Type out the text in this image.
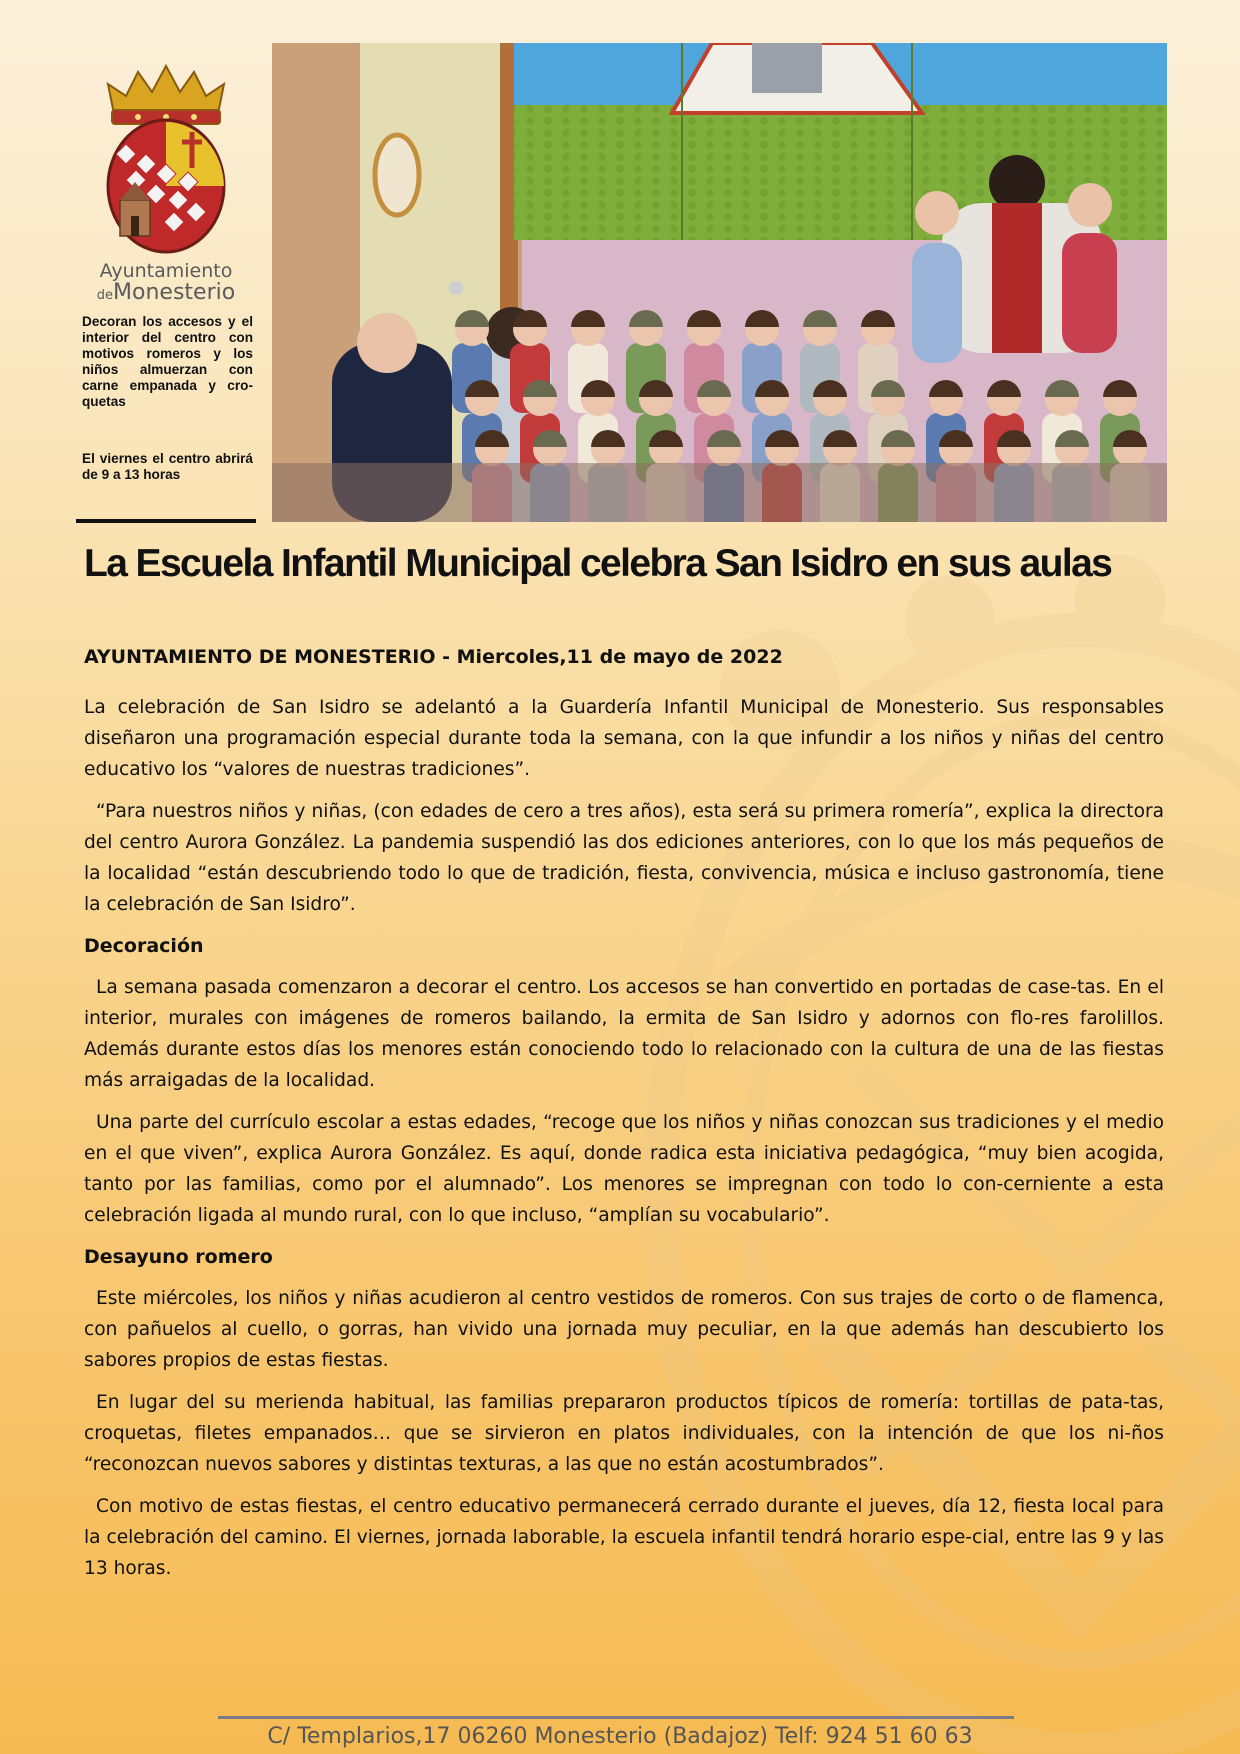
Ayuntamiento
deMonesterio

Decoran los accesos y el interior del centro con motivos romeros y los niños almuerzan con carne empanada y cro-quetas

El viernes el centro abrirá de 9 a 13 horas

La Escuela Infantil Municipal celebra San Isidro en sus aulas

AYUNTAMIENTO DE MONESTERIO - Miercoles,11 de mayo de 2022

La celebración de San Isidro se adelantó a la Guardería Infantil Municipal de Monesterio. Sus responsables diseñaron una programación especial durante toda la semana, con la que infundir a los niños y niñas del centro educativo los “valores de nuestras tradiciones”.

“Para nuestros niños y niñas, (con edades de cero a tres años), esta será su primera romería”, explica la directora del centro Aurora González. La pandemia suspendió las dos ediciones anteriores, con lo que los más pequeños de la localidad “están descubriendo todo lo que de tradición, fiesta, convivencia, música e incluso gastronomía, tiene la celebración de San Isidro”.

Decoración

La semana pasada comenzaron a decorar el centro. Los accesos se han convertido en portadas de case-tas. En el interior, murales con imágenes de romeros bailando, la ermita de San Isidro y adornos con flo-res farolillos. Además durante estos días los menores están conociendo todo lo relacionado con la cultura de una de las fiestas más arraigadas de la localidad.

Una parte del currículo escolar a estas edades, “recoge que los niños y niñas conozcan sus tradiciones y el medio en el que viven”, explica Aurora González. Es aquí, donde radica esta iniciativa pedagógica, “muy bien acogida, tanto por las familias, como por el alumnado”. Los menores se impregnan con todo lo con-cerniente a esta celebración ligada al mundo rural, con lo que incluso, “amplían su vocabulario”.

Desayuno romero

Este miércoles, los niños y niñas acudieron al centro vestidos de romeros. Con sus trajes de corto o de flamenca, con pañuelos al cuello, o gorras, han vivido una jornada muy peculiar, en la que además han descubierto los sabores propios de estas fiestas.

En lugar del su merienda habitual, las familias prepararon productos típicos de romería: tortillas de pata-tas, croquetas, filetes empanados… que se sirvieron en platos individuales, con la intención de que los ni-ños “reconozcan nuevos sabores y distintas texturas, a las que no están acostumbrados”.

Con motivo de estas fiestas, el centro educativo permanecerá cerrado durante el jueves, día 12, fiesta local para la celebración del camino. El viernes, jornada laborable, la escuela infantil tendrá horario espe-cial, entre las 9 y las 13 horas.

C/ Templarios,17 06260 Monesterio (Badajoz) Telf: 924 51 60 63
